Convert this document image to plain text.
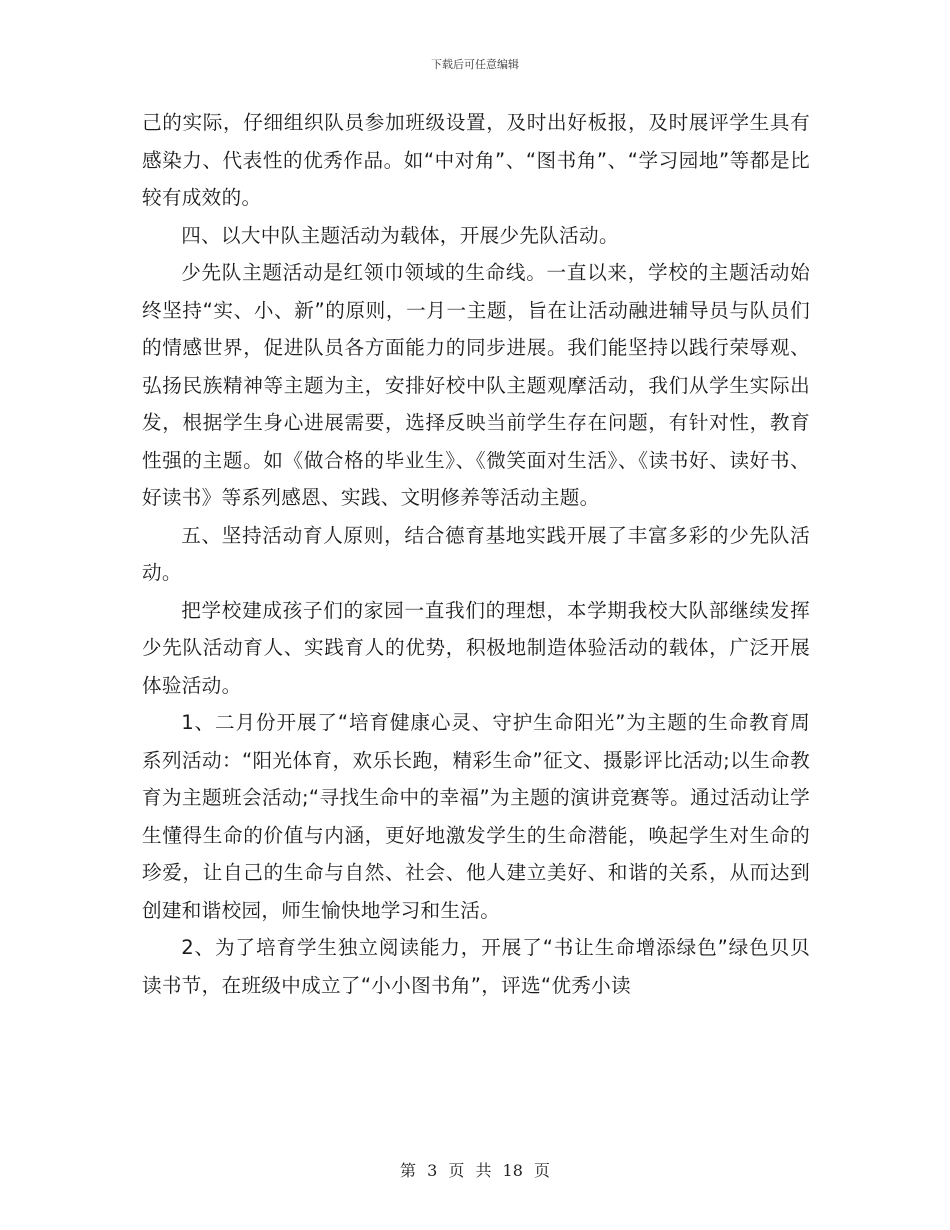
下载后可任意编辑

己的实际，仔细组织队员参加班级设置，及时出好板报，及时展评学生具有感染力、代表性的优秀作品。如“中对角”、“图书角”、“学习园地”等都是比较有成效的。

四、以大中队主题活动为载体，开展少先队活动。

少先队主题活动是红领巾领域的生命线。一直以来，学校的主题活动始终坚持“实、小、新”的原则，一月一主题，旨在让活动融进辅导员与队员们的情感世界，促进队员各方面能力的同步进展。我们能坚持以践行荣辱观、弘扬民族精神等主题为主，安排好校中队主题观摩活动，我们从学生实际出发，根据学生身心进展需要，选择反映当前学生存在问题，有针对性，教育性强的主题。如《做合格的毕业生》、《微笑面对生活》、《读书好、读好书、好读书》等系列感恩、实践、文明修养等活动主题。

五、坚持活动育人原则，结合德育基地实践开展了丰富多彩的少先队活动。

把学校建成孩子们的家园一直我们的理想，本学期我校大队部继续发挥少先队活动育人、实践育人的优势，积极地制造体验活动的载体，广泛开展体验活动。

1、二月份开展了“培育健康心灵、守护生命阳光”为主题的生命教育周系列活动：“阳光体育，欢乐长跑，精彩生命”征文、摄影评比活动;以生命教育为主题班会活动;“寻找生命中的幸福”为主题的演讲竞赛等。通过活动让学生懂得生命的价值与内涵，更好地激发学生的生命潜能，唤起学生对生命的珍爱，让自己的生命与自然、社会、他人建立美好、和谐的关系，从而达到创建和谐校园，师生愉快地学习和生活。

2、为了培育学生独立阅读能力，开展了“书让生命增添绿色”绿色贝贝读书节，在班级中成立了“小小图书角”，评选“优秀小读

第 3 页 共 18 页
